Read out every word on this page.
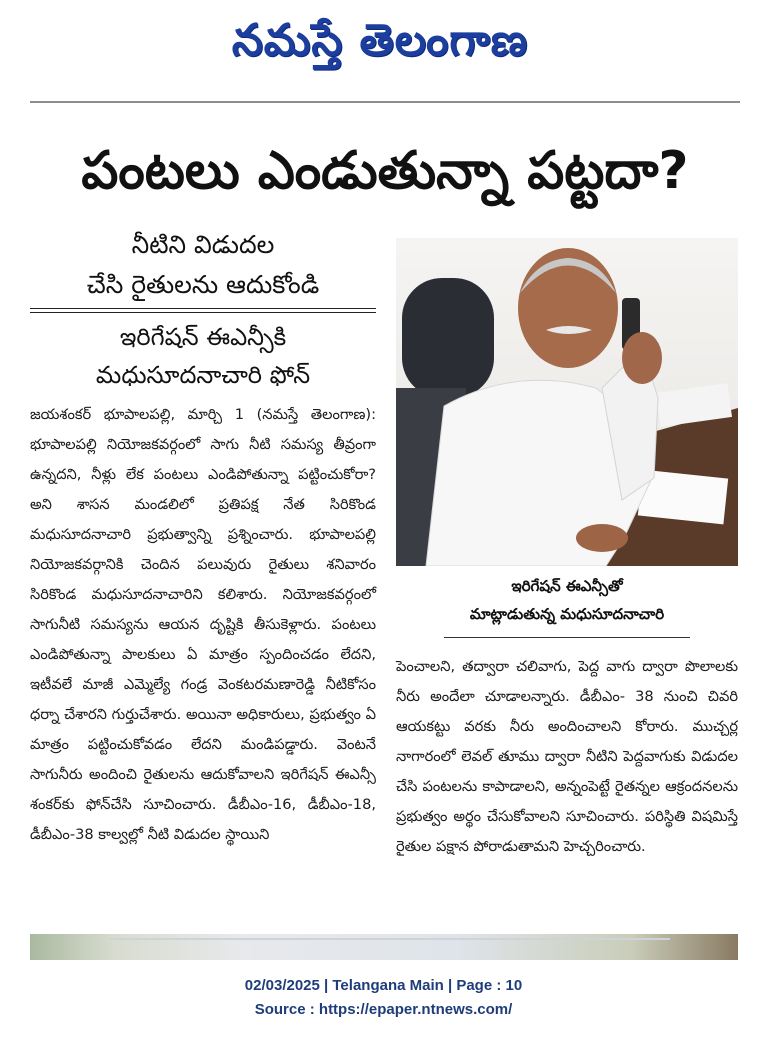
నమస్తే తెలంగాణ
పంటలు ఎండుతున్నా పట్టదా?
నీటిని విడుదల
చేసి రైతులను ఆదుకోండి
ఇరిగేషన్ ఈఎన్సీకి
మధుసూదనాచారి ఫోన్
జయశంకర్ భూపాలపల్లి, మార్చి 1 (నమస్తే తెలంగాణ): భూపాలపల్లి నియోజకవర్గంలో సాగు నీటి సమస్య తీవ్రంగా ఉన్నదని, నీళ్లు లేక పంటలు ఎండిపోతున్నా పట్టించుకోరా? అని శాసన మండలిలో ప్రతిపక్ష నేత సిరికొండ మధుసూదనాచారి ప్రభుత్వాన్ని ప్రశ్నించారు. భూపాలపల్లి నియోజకవర్గానికి చెందిన పలువురు రైతులు శనివారం సిరికొండ మధుసూదనాచారిని కలిశారు. నియోజకవర్గంలో సాగునీటి సమస్యను ఆయన దృష్టికి తీసుకెళ్లారు. పంటలు ఎండిపోతున్నా పాలకులు ఏ మాత్రం స్పందించడం లేదని, ఇటీవలే మాజీ ఎమ్మెల్యే గండ్ర వెంకటరమణారెడ్డి నీటికోసం ధర్నా చేశారని గుర్తుచేశారు. అయినా అధికారులు, ప్రభుత్వం ఏ మాత్రం పట్టించుకోవడం లేదని మండిపడ్డారు. వెంటనే సాగునీరు అందించి రైతులను ఆదుకోవాలని ఇరిగేషన్ ఈఎన్సీ శంకర్‌కు ఫోన్‌చేసి సూచించారు. డీబీఎం-16, డీబీఎం-18, డీబీఎం-38 కాల్వల్లో నీటి విడుదల స్థాయిని
ఇరిగేషన్ ఈఎన్సీతో
మాట్లాడుతున్న మధుసూదనాచారి
పెంచాలని, తద్వారా చలివాగు, పెద్ద వాగు ద్వారా పొలాలకు నీరు అందేలా చూడాలన్నారు. డీబీఎం- 38 నుంచి చివరి ఆయకట్టు వరకు నీరు అందించాలని కోరారు. ముచ్చర్ల నాగారంలో లెవల్ తూము ద్వారా నీటిని పెద్దవాగుకు విడుదల చేసి పంటలను కాపాడాలని, అన్నంపెట్టే రైతన్నల ఆక్రందనలను ప్రభుత్వం అర్థం చేసుకోవాలని సూచించారు. పరిస్థితి విషమిస్తే రైతుల పక్షాన పోరాడుతామని హెచ్చరించారు.
02/03/2025 | Telangana Main | Page : 10
Source : https://epaper.ntnews.com/
